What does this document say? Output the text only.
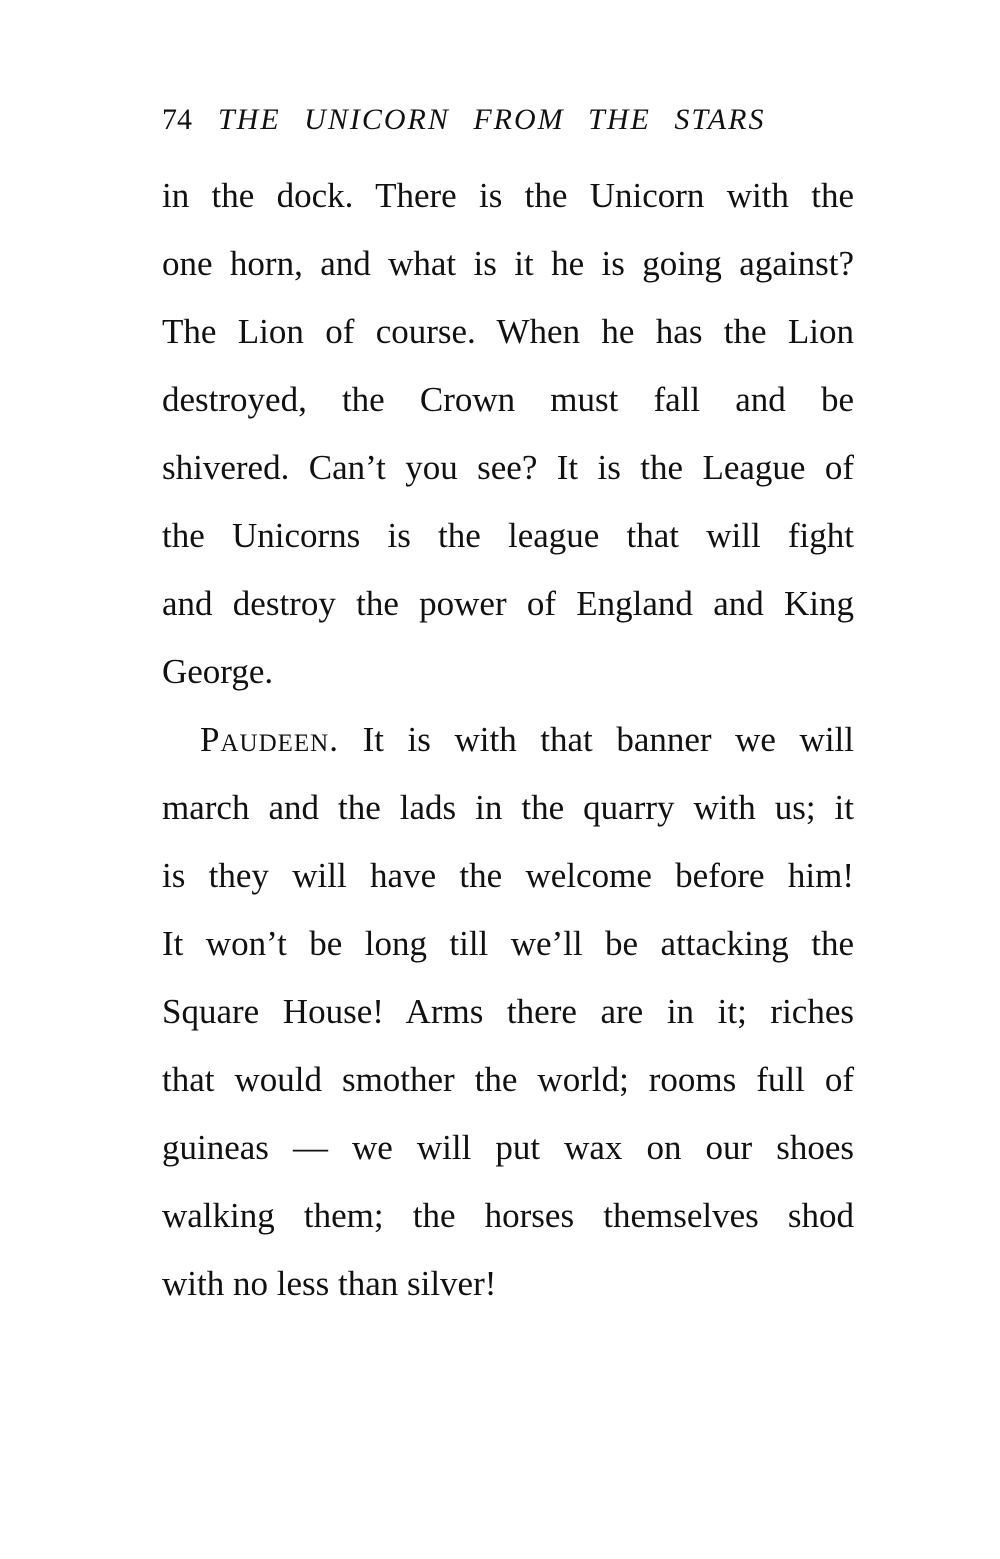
74 THE UNICORN FROM THE STARS
in the dock. There is the Unicorn with the
one horn, and what is it he is going against?
The Lion of course. When he has the Lion
destroyed, the Crown must fall and be
shivered. Can’t you see? It is the League of
the Unicorns is the league that will fight
and destroy the power of England and King
George.
Paudeen. It is with that banner we will
march and the lads in the quarry with us; it
is they will have the welcome before him!
It won’t be long till we’ll be attacking the
Square House! Arms there are in it; riches
that would smother the world; rooms full of
guineas — we will put wax on our shoes
walking them; the horses themselves shod
with no less than silver!
